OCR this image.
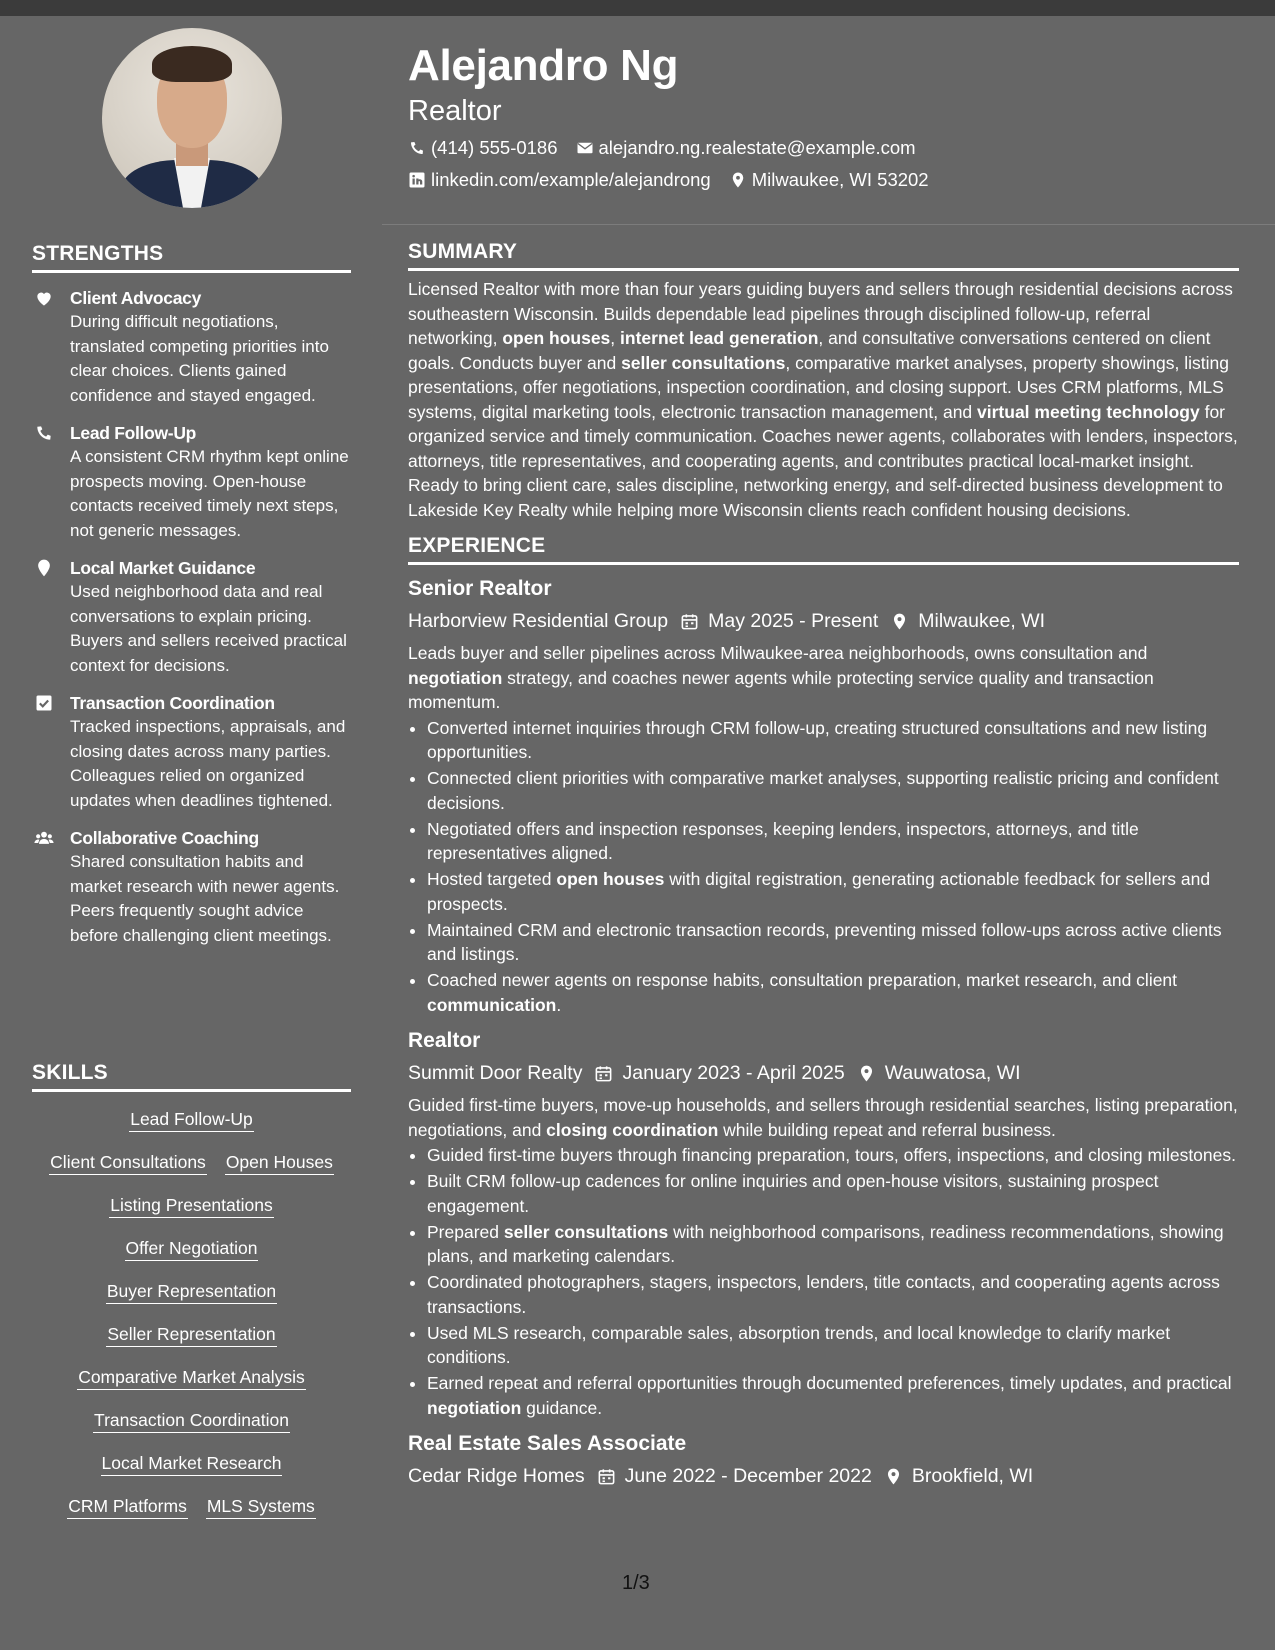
STRENGTHS
Client Advocacy
During difficult negotiations, translated competing priorities into clear choices. Clients gained confidence and stayed engaged.
Lead Follow-Up
A consistent CRM rhythm kept online prospects moving. Open-house contacts received timely next steps, not generic messages.
Local Market Guidance
Used neighborhood data and real conversations to explain pricing. Buyers and sellers received practical context for decisions.
Transaction Coordination
Tracked inspections, appraisals, and closing dates across many parties. Colleagues relied on organized updates when deadlines tightened.
Collaborative Coaching
Shared consultation habits and market research with newer agents. Peers frequently sought advice before challenging client meetings.
SKILLS
Lead Follow-Up
Client Consultations Open Houses
Listing Presentations
Offer Negotiation
Buyer Representation
Seller Representation
Comparative Market Analysis
Transaction Coordination
Local Market Research
CRM Platforms MLS Systems
Alejandro Ng
Realtor
(414) 555-0186 alejandro.ng.realestate@example.com
linkedin.com/example/alejandrong Milwaukee, WI 53202
SUMMARY
Licensed Realtor with more than four years guiding buyers and sellers through residential decisions across southeastern Wisconsin. Builds dependable lead pipelines through disciplined follow-up, referral networking, open houses, internet lead generation, and consultative conversations centered on client goals. Conducts buyer and seller consultations, comparative market analyses, property showings, listing presentations, offer negotiations, inspection coordination, and closing support. Uses CRM platforms, MLS systems, digital marketing tools, electronic transaction management, and virtual meeting technology for organized service and timely communication. Coaches newer agents, collaborates with lenders, inspectors, attorneys, title representatives, and cooperating agents, and contributes practical local-market insight. Ready to bring client care, sales discipline, networking energy, and self-directed business development to Lakeside Key Realty while helping more Wisconsin clients reach confident housing decisions.
EXPERIENCE
Senior Realtor
Harborview Residential Group May 2025 - Present Milwaukee, WI
Leads buyer and seller pipelines across Milwaukee-area neighborhoods, owns consultation and negotiation strategy, and coaches newer agents while protecting service quality and transaction momentum.
• Converted internet inquiries through CRM follow-up, creating structured consultations and new listing opportunities.
• Connected client priorities with comparative market analyses, supporting realistic pricing and confident decisions.
• Negotiated offers and inspection responses, keeping lenders, inspectors, attorneys, and title representatives aligned.
• Hosted targeted open houses with digital registration, generating actionable feedback for sellers and prospects.
• Maintained CRM and electronic transaction records, preventing missed follow-ups across active clients and listings.
• Coached newer agents on response habits, consultation preparation, market research, and client communication.
Realtor
Summit Door Realty January 2023 - April 2025 Wauwatosa, WI
Guided first-time buyers, move-up households, and sellers through residential searches, listing preparation, negotiations, and closing coordination while building repeat and referral business.
• Guided first-time buyers through financing preparation, tours, offers, inspections, and closing milestones.
• Built CRM follow-up cadences for online inquiries and open-house visitors, sustaining prospect engagement.
• Prepared seller consultations with neighborhood comparisons, readiness recommendations, showing plans, and marketing calendars.
• Coordinated photographers, stagers, inspectors, lenders, title contacts, and cooperating agents across transactions.
• Used MLS research, comparable sales, absorption trends, and local knowledge to clarify market conditions.
• Earned repeat and referral opportunities through documented preferences, timely updates, and practical negotiation guidance.
Real Estate Sales Associate
Cedar Ridge Homes June 2022 - December 2022 Brookfield, WI
1/3
